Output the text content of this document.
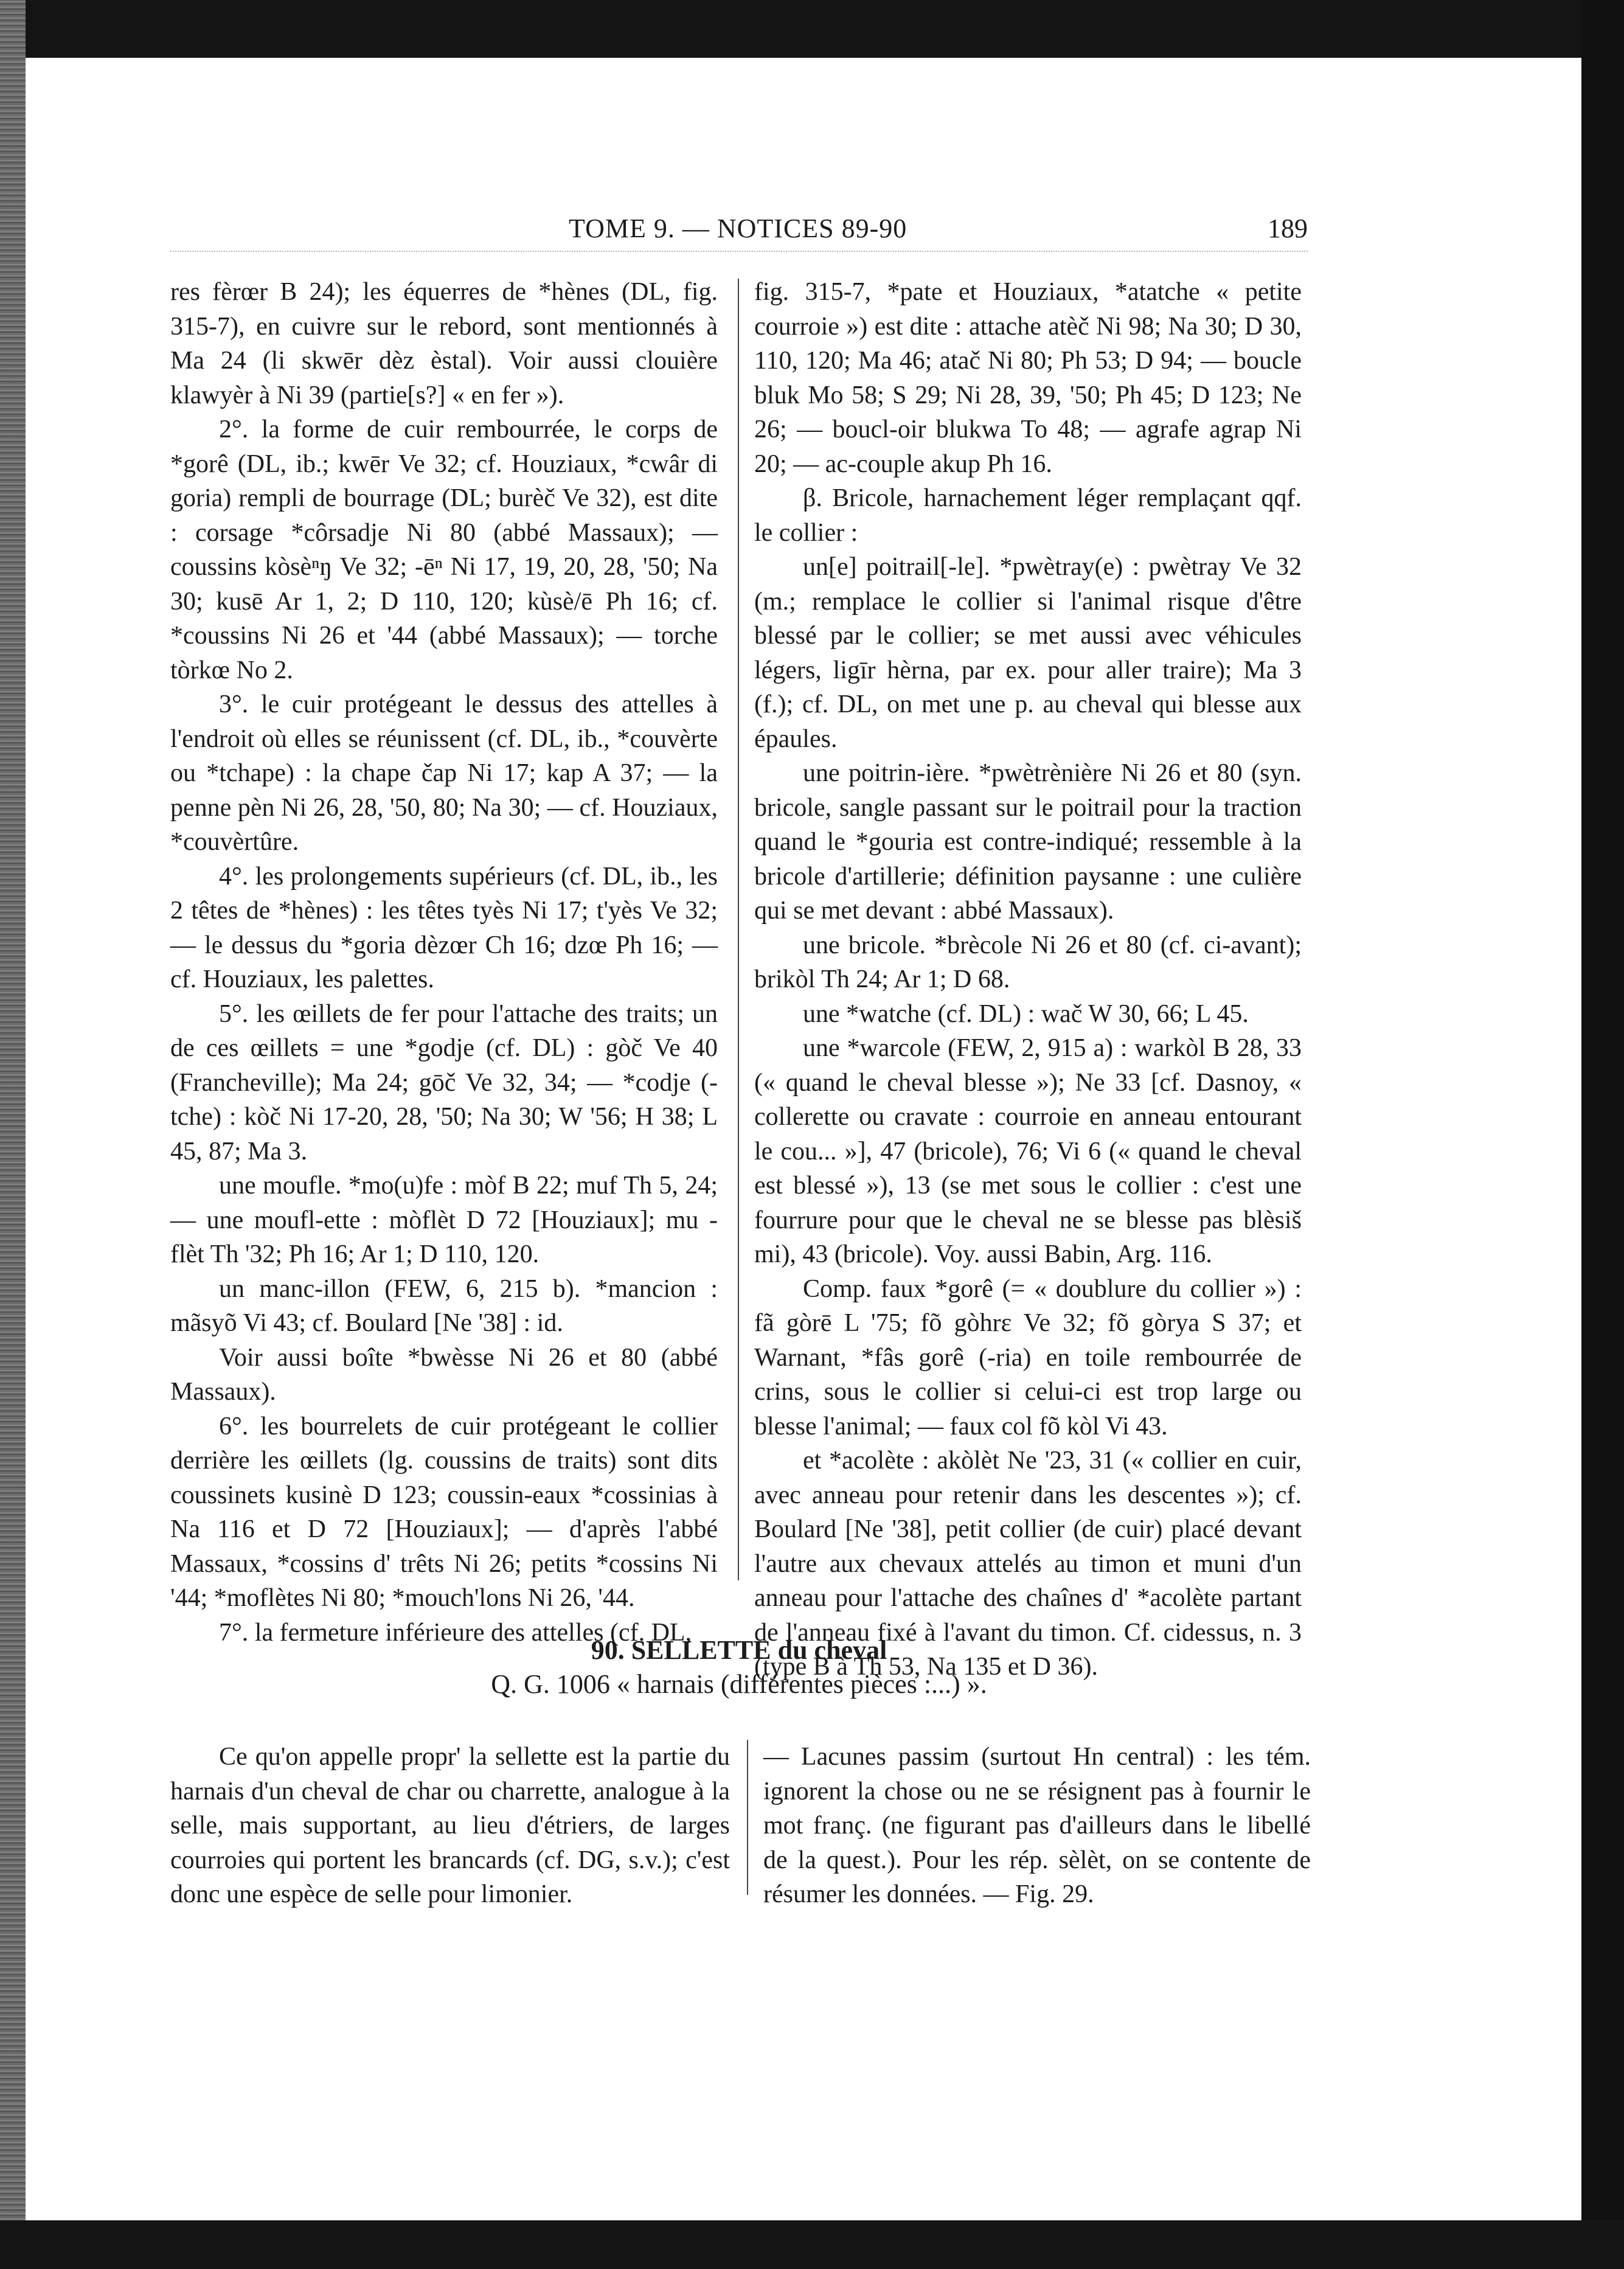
TOME 9. — NOTICES 89-90	189

res fèrœr B 24); les équerres de *hènes (DL, fig. 315-7), en cuivre sur le rebord, sont mentionnés à Ma 24 (li skwēr dèz èstal). Voir aussi clouière klawyèr à Ni 39 (partie[s?] « en fer »).

2°. la forme de cuir rembourrée, le corps de *gorê (DL, ib.; kwēr Ve 32; cf. Houziaux, *cwâr di goria) rempli de bourrage (DL; burèč Ve 32), est dite : corsage *côrsadje Ni 80 (abbé Massaux); — coussins kòsèⁿŋ Ve 32; -ēⁿ Ni 17, 19, 20, 28, '50; Na 30; kusē Ar 1, 2; D 110, 120; kùsè/ē Ph 16; cf. *coussins Ni 26 et '44 (abbé Massaux); — torche tòrkœ No 2.

3°. le cuir protégeant le dessus des attelles à l'endroit où elles se réunissent (cf. DL, ib., *couvèrte ou *tchape) : la chape čap Ni 17; kap A 37; — la penne pèn Ni 26, 28, '50, 80; Na 30; — cf. Houziaux, *couvèrtûre.

4°. les prolongements supérieurs (cf. DL, ib., les 2 têtes de *hènes) : les têtes tyès Ni 17; t'yès Ve 32; — le dessus du *goria dèzœr Ch 16; dzœ Ph 16; — cf. Houziaux, les palettes.

5°. les œillets de fer pour l'attache des traits; un de ces œillets = une *godje (cf. DL) : gòč Ve 40 (Francheville); Ma 24; gōč Ve 32, 34; — *codje (-tche) : kòč Ni 17-20, 28, '50; Na 30; W '56; H 38; L 45, 87; Ma 3.

une moufle. *mo(u)fe : mòf B 22; muf Th 5, 24; — une moufl-ette : mòflèt D 72 [Houziaux]; mu - flèt Th '32; Ph 16; Ar 1; D 110, 120.

un manc-illon (FEW, 6, 215 b). *mancion : mãsyõ Vi 43; cf. Boulard [Ne '38] : id.

Voir aussi boîte *bwèsse Ni 26 et 80 (abbé Massaux).

6°. les bourrelets de cuir protégeant le collier derrière les œillets (lg. coussins de traits) sont dits coussinets kusinè D 123; coussin-eaux *cossinias à Na 116 et D 72 [Houziaux]; — d'après l'abbé Massaux, *cossins d' trêts Ni 26; petits *cossins Ni '44; *moflètes Ni 80; *mouch'lons Ni 26, '44.

7°. la fermeture inférieure des attelles (cf. DL,

fig. 315-7, *pate et Houziaux, *atatche « petite courroie ») est dite : attache atèč Ni 98; Na 30; D 30, 110, 120; Ma 46; atač Ni 80; Ph 53; D 94; — boucle bluk Mo 58; S 29; Ni 28, 39, '50; Ph 45; D 123; Ne 26; — boucl-oir blukwa To 48; — agrafe agrap Ni 20; — ac-couple akup Ph 16.

β. Bricole, harnachement léger remplaçant qqf. le collier :

un[e] poitrail[-le]. *pwètray(e) : pwètray Ve 32 (m.; remplace le collier si l'animal risque d'être blessé par le collier; se met aussi avec véhicules légers, ligīr hèrna, par ex. pour aller traire); Ma 3 (f.); cf. DL, on met une p. au cheval qui blesse aux épaules.

une poitrin-ière. *pwètrènière Ni 26 et 80 (syn. bricole, sangle passant sur le poitrail pour la traction quand le *gouria est contre-indiqué; ressemble à la bricole d'artillerie; définition paysanne : une culière qui se met devant : abbé Massaux).

une bricole. *brècole Ni 26 et 80 (cf. ci-avant); brikòl Th 24; Ar 1; D 68.

une *watche (cf. DL) : wač W 30, 66; L 45.

une *warcole (FEW, 2, 915 a) : warkòl B 28, 33 (« quand le cheval blesse »); Ne 33 [cf. Dasnoy, « collerette ou cravate : courroie en anneau entourant le cou... »], 47 (bricole), 76; Vi 6 (« quand le cheval est blessé »), 13 (se met sous le collier : c'est une fourrure pour que le cheval ne se blesse pas blèsiš mi), 43 (bricole). Voy. aussi Babin, Arg. 116.

Comp. faux *gorê (= « doublure du collier ») : fã gòrē L '75; fõ gòhrɛ Ve 32; fõ gòrya S 37; et Warnant, *fâs gorê (-ria) en toile rembourrée de crins, sous le collier si celui-ci est trop large ou blesse l'animal; — faux col fõ kòl Vi 43.

et *acolète : akòlèt Ne '23, 31 (« collier en cuir, avec anneau pour retenir dans les descentes »); cf. Boulard [Ne '38], petit collier (de cuir) placé devant l'autre aux chevaux attelés au timon et muni d'un anneau pour l'attache des chaînes d' *acolète partant de l'anneau fixé à l'avant du timon. Cf. cidessus, n. 3 (type B à Th 53, Na 135 et D 36).

90. SELLETTE du cheval
Q. G. 1006 « harnais (différentes pièces :...) ».

Ce qu'on appelle propr' la sellette est la partie du harnais d'un cheval de char ou charrette, analogue à la selle, mais supportant, au lieu d'étriers, de larges courroies qui portent les brancards (cf. DG, s.v.); c'est donc une espèce de selle pour limonier.

— Lacunes passim (surtout Hn central) : les tém. ignorent la chose ou ne se résignent pas à fournir le mot franç. (ne figurant pas d'ailleurs dans le libellé de la quest.). Pour les rép. sèlèt, on se contente de résumer les données. — Fig. 29.
